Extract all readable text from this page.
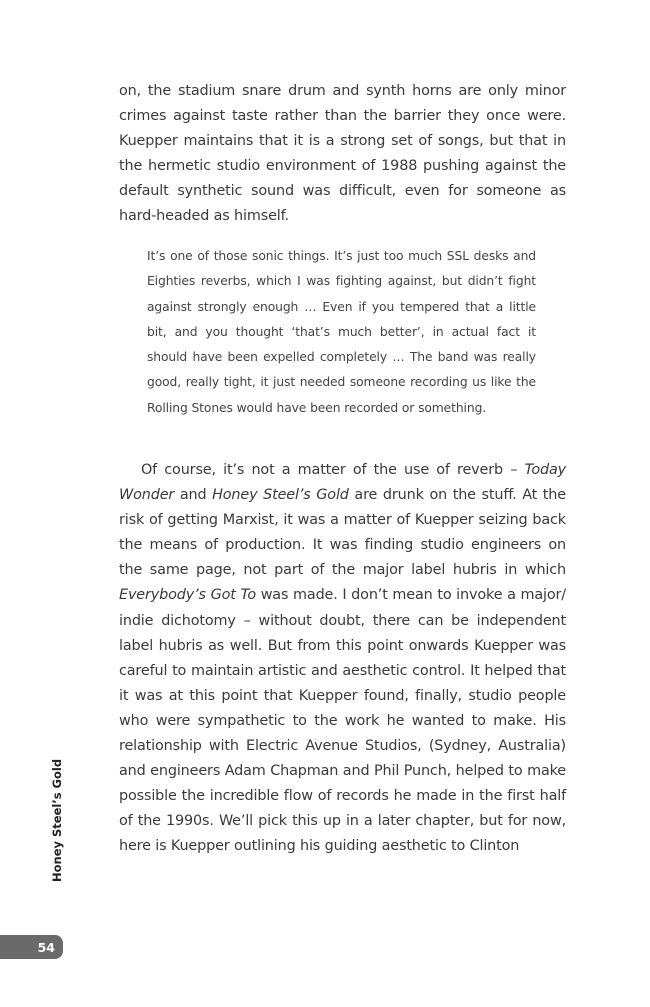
on, the stadium snare drum and synth horns are only minor crimes against taste rather than the barrier they once were. Kuepper maintains that it is a strong set of songs, but that in the hermetic studio environment of 1988 pushing against the default synthetic sound was difficult, even for someone as hard-headed as himself.

It’s one of those sonic things. It’s just too much SSL desks and Eighties reverbs, which I was fighting against, but didn’t fight against strongly enough … Even if you tempered that a little bit, and you thought ‘that’s much better’, in actual fact it should have been expelled completely … The band was really good, really tight, it just needed someone recording us like the Rolling Stones would have been recorded or something.

Of course, it’s not a matter of the use of reverb – Today Wonder and Honey Steel’s Gold are drunk on the stuff. At the risk of getting Marxist, it was a matter of Kuepper seizing back the means of production. It was finding studio engineers on the same page, not part of the major label hubris in which Everybody’s Got To was made. I don’t mean to invoke a major/ indie dichotomy – without doubt, there can be independent label hubris as well. But from this point onwards Kuepper was careful to maintain artistic and aesthetic control. It helped that it was at this point that Kuepper found, finally, studio people who were sympathetic to the work he wanted to make. His relationship with Electric Avenue Studios, (Sydney, Australia) and engineers Adam Chapman and Phil Punch, helped to make possible the incredible flow of records he made in the first half of the 1990s. We’ll pick this up in a later chapter, but for now, here is Kuepper outlining his guiding aesthetic to Clinton

Honey Steel’s Gold
54
